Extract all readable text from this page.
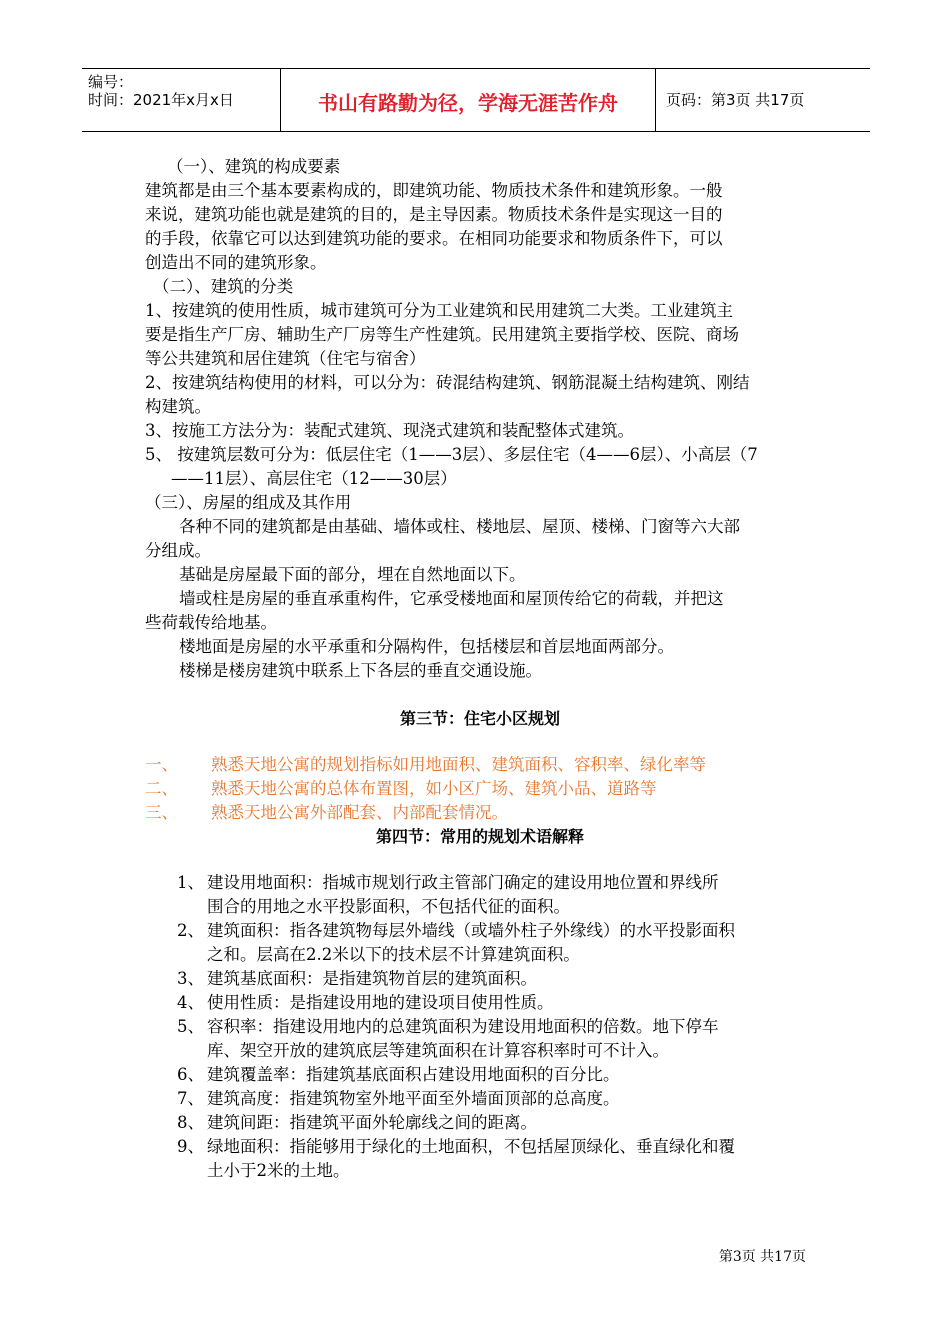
编号：
时间：2021年x月x日	书山有路勤为径，学海无涯苦作舟	页码：第3页 共17页

（一）、建筑的构成要素

建筑都是由三个基本要素构成的，即建筑功能、物质技术条件和建筑形象。一般

来说，建筑功能也就是建筑的目的，是主导因素。物质技术条件是实现这一目的

的手段，依靠它可以达到建筑功能的要求。在相同功能要求和物质条件下，可以

创造出不同的建筑形象。

（二）、建筑的分类

1、按建筑的使用性质，城市建筑可分为工业建筑和民用建筑二大类。工业建筑主

要是指生产厂房、辅助生产厂房等生产性建筑。民用建筑主要指学校、医院、商场

等公共建筑和居住建筑（住宅与宿舍）

2、按建筑结构使用的材料，可以分为：砖混结构建筑、钢筋混凝土结构建筑、刚结

构建筑。

3、按施工方法分为：装配式建筑、现浇式建筑和装配整体式建筑。

5、 按建筑层数可分为：低层住宅（1——3层）、多层住宅（4——6层）、小高层（7

——11层）、高层住宅（12——30层）

（三）、房屋的组成及其作用

各种不同的建筑都是由基础、墙体或柱、楼地层、屋顶、楼梯、门窗等六大部

分组成。

基础是房屋最下面的部分，埋在自然地面以下。

墙或柱是房屋的垂直承重构件，它承受楼地面和屋顶传给它的荷载，并把这

些荷载传给地基。

楼地面是房屋的水平承重和分隔构件，包括楼层和首层地面两部分。

楼梯是楼房建筑中联系上下各层的垂直交通设施。

第三节：住宅小区规划

一、 熟悉天地公寓的规划指标如用地面积、建筑面积、容积率、绿化率等

二、 熟悉天地公寓的总体布置图，如小区广场、建筑小品、道路等

三、 熟悉天地公寓外部配套、内部配套情况。

第四节：常用的规划术语解释

1、 建设用地面积：指城市规划行政主管部门确定的建设用地位置和界线所

围合的用地之水平投影面积，不包括代征的面积。

2、 建筑面积：指各建筑物每层外墙线（或墙外柱子外缘线）的水平投影面积

之和。层高在2.2米以下的技术层不计算建筑面积。

3、 建筑基底面积：是指建筑物首层的建筑面积。

4、 使用性质：是指建设用地的建设项目使用性质。

5、 容积率：指建设用地内的总建筑面积为建设用地面积的倍数。地下停车

库、架空开放的建筑底层等建筑面积在计算容积率时可不计入。

6、 建筑覆盖率：指建筑基底面积占建设用地面积的百分比。

7、 建筑高度：指建筑物室外地平面至外墙面顶部的总高度。

8、 建筑间距：指建筑平面外轮廓线之间的距离。

9、 绿地面积：指能够用于绿化的土地面积，不包括屋顶绿化、垂直绿化和覆

土小于2米的土地。

第3页 共17页
